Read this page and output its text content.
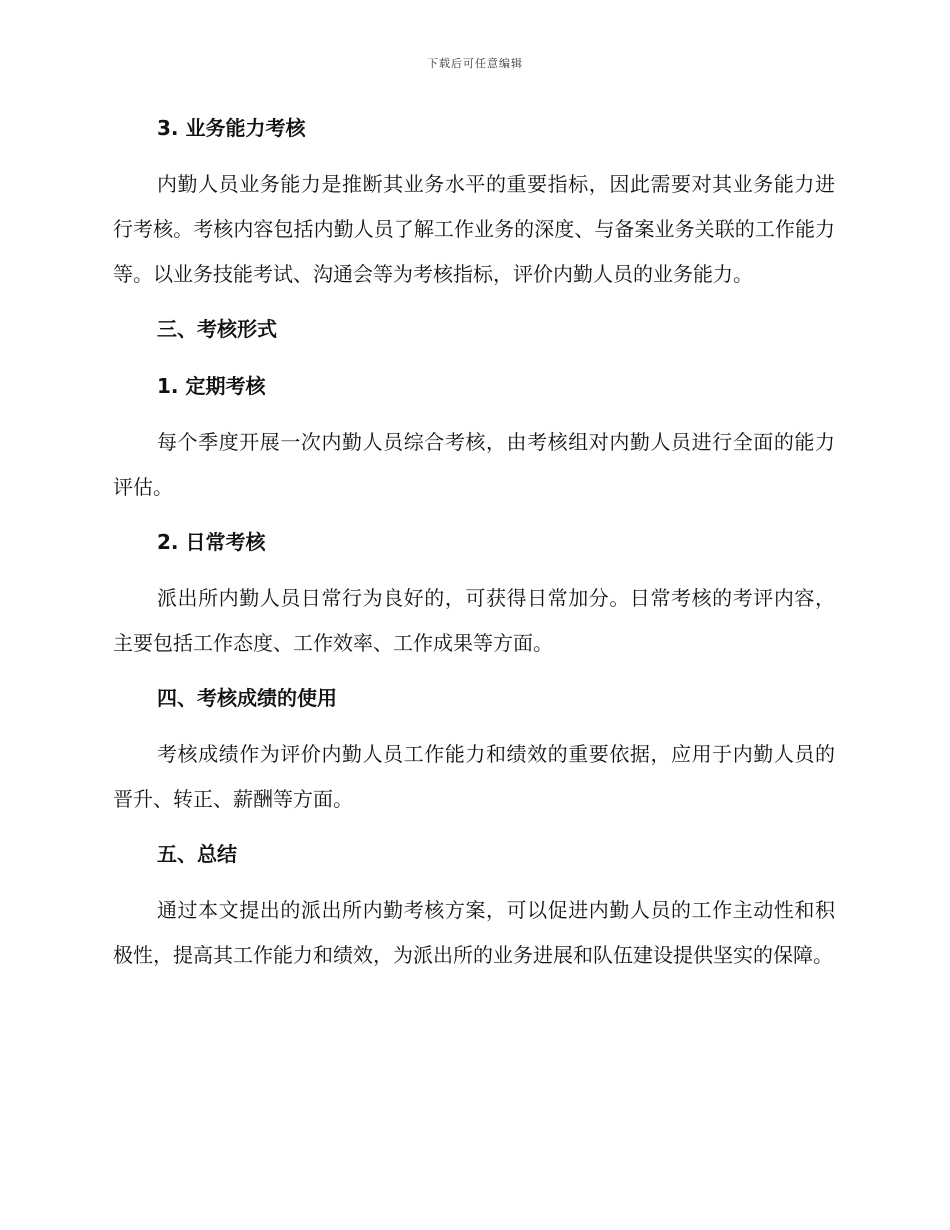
下载后可任意编辑
3. 业务能力考核
内勤人员业务能力是推断其业务水平的重要指标，因此需要对其业务能力进行考核。考核内容包括内勤人员了解工作业务的深度、与备案业务关联的工作能力等。以业务技能考试、沟通会等为考核指标，评价内勤人员的业务能力。
三、考核形式
1. 定期考核
每个季度开展一次内勤人员综合考核，由考核组对内勤人员进行全面的能力评估。
2. 日常考核
派出所内勤人员日常行为良好的，可获得日常加分。日常考核的考评内容，主要包括工作态度、工作效率、工作成果等方面。
四、考核成绩的使用
考核成绩作为评价内勤人员工作能力和绩效的重要依据，应用于内勤人员的晋升、转正、薪酬等方面。
五、总结
通过本文提出的派出所内勤考核方案，可以促进内勤人员的工作主动性和积极性，提高其工作能力和绩效，为派出所的业务进展和队伍建设提供坚实的保障。
